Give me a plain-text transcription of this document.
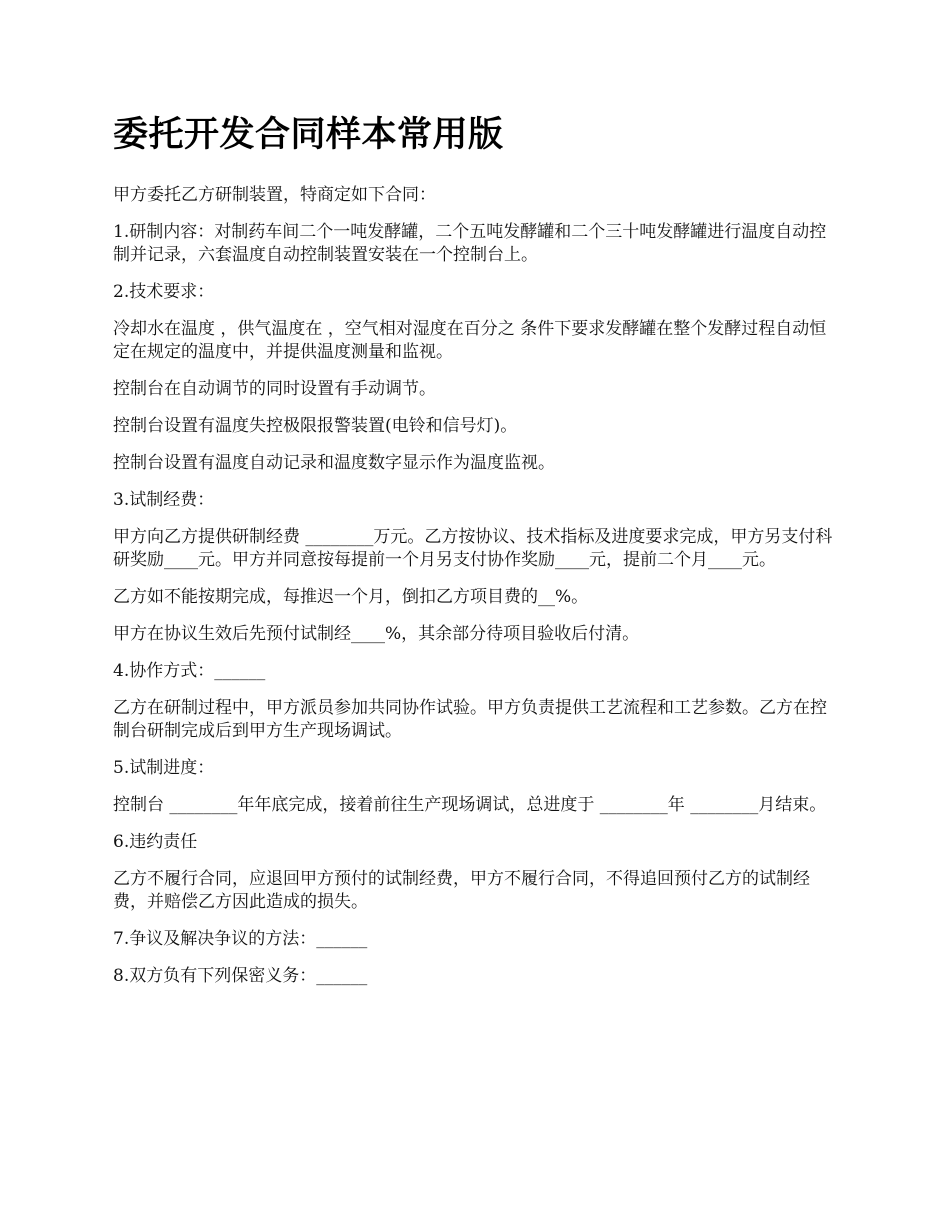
委托开发合同样本常用版

甲方委托乙方研制装置，特商定如下合同：

1.研制内容：对制药车间二个一吨发酵罐，二个五吨发酵罐和二个三十吨发酵罐进行温度自动控制并记录，六套温度自动控制装置安装在一个控制台上。

2.技术要求：

冷却水在温度 ，供气温度在 ，空气相对湿度在百分之 条件下要求发酵罐在整个发酵过程自动恒定在规定的温度中，并提供温度测量和监视。

控制台在自动调节的同时设置有手动调节。

控制台设置有温度失控极限报警装置(电铃和信号灯)。

控制台设置有温度自动记录和温度数字显示作为温度监视。

3.试制经费：

甲方向乙方提供研制经费 ________万元。乙方按协议、技术指标及进度要求完成，甲方另支付科研奖励____元。甲方并同意按每提前一个月另支付协作奖励____元，提前二个月____元。

乙方如不能按期完成，每推迟一个月，倒扣乙方项目费的__%。

甲方在协议生效后先预付试制经____%，其余部分待项目验收后付清。

4.协作方式：______

乙方在研制过程中，甲方派员参加共同协作试验。甲方负责提供工艺流程和工艺参数。乙方在控制台研制完成后到甲方生产现场调试。

5.试制进度：

控制台 ________年年底完成，接着前往生产现场调试，总进度于 ________年 ________月结束。

6.违约责任

乙方不履行合同，应退回甲方预付的试制经费，甲方不履行合同，不得追回预付乙方的试制经费，并赔偿乙方因此造成的损失。

7.争议及解决争议的方法：______

8.双方负有下列保密义务：______
